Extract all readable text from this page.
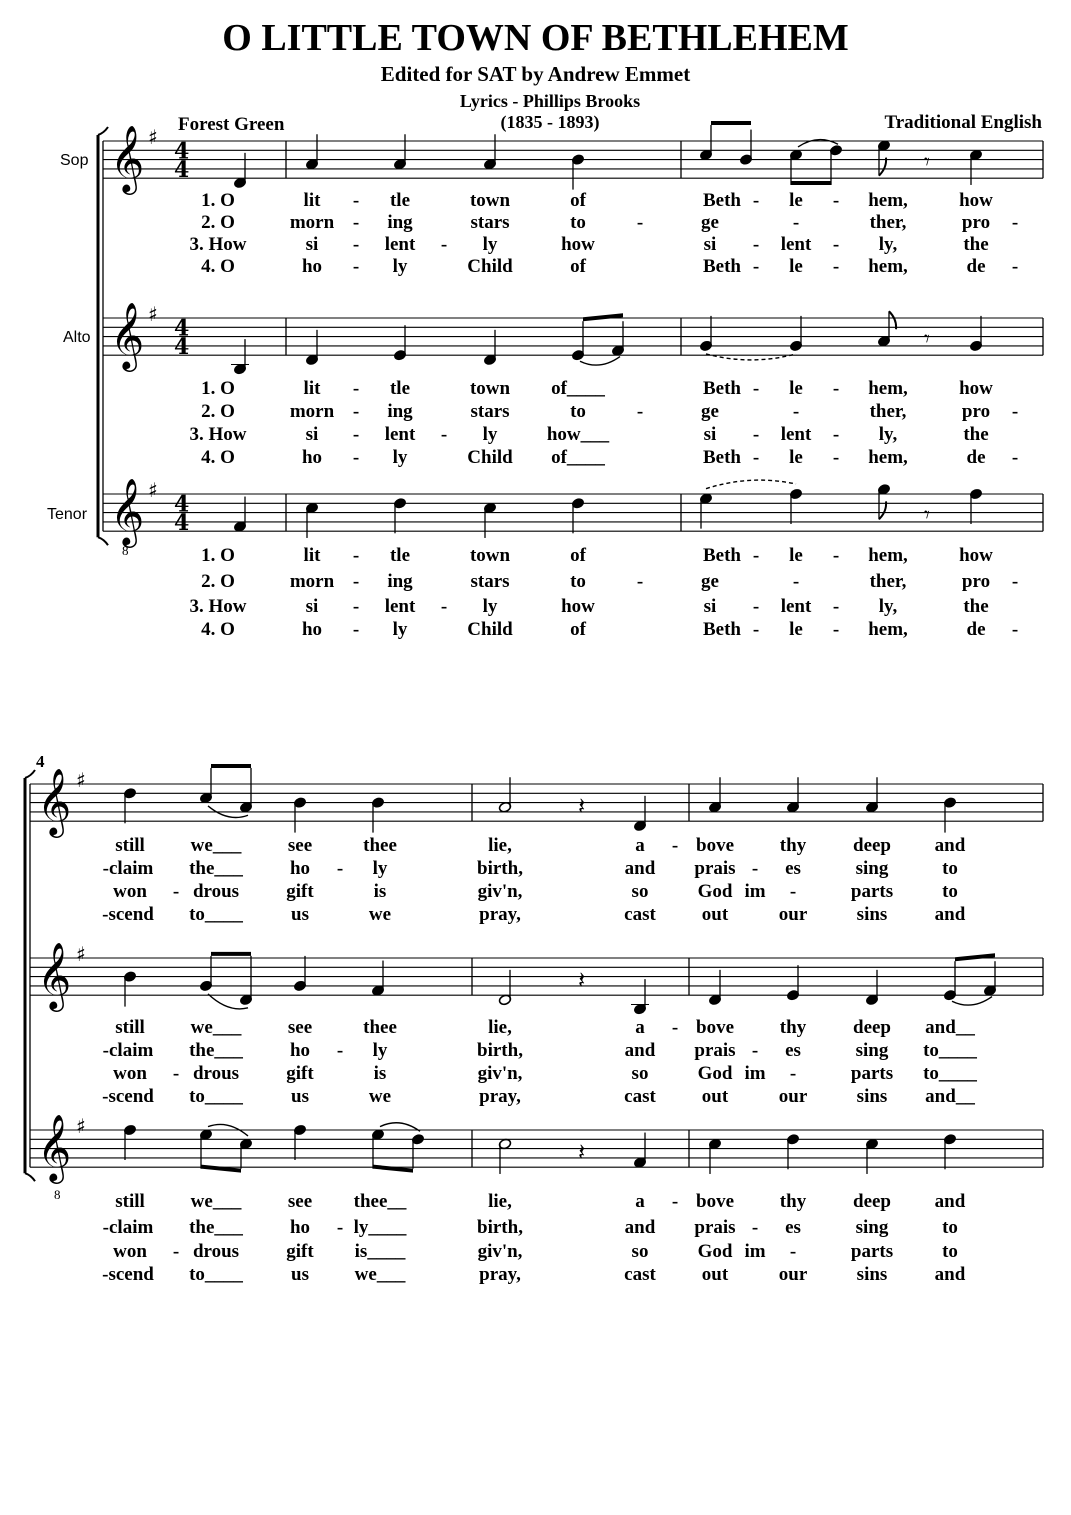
O LITTLE TOWN OF BETHLEHEM
Edited for SAT by Andrew Emmet
Lyrics - Phillips Brooks
(1835 - 1893)
Forest Green	Traditional English
Sop
Alto
Tenor
4
8
8
𝄞 ♯
4
4
𝄞 ♯
4
4
𝄞 ♯
4
4
𝄾
𝄾
𝄾
𝄞 ♯
𝄞 ♯
𝄞 ♯
𝄽
𝄽
𝄽
1. O	lit - tle	town	of	Beth - le - hem,	how
2. O	morn - ing	stars	to	-	ge	-	ther,	pro -
3. How	si - lent - ly	how	si - lent - ly,	the
4. O	ho - ly	Child	of	Beth - le - hem,	de -
still we___ see	thee	lie,	a - bove thy deep and
-claim the___ ho - ly	birth,	and prais - es	sing	to
won - drous gift	is	giv'n,	so	God im -	parts	to
-scend to____	us	we	pray,	cast out	our	sins and
1. O	lit - tle	town of____	Beth - le - hem,	how
2. O	morn - ing	stars	to	-	ge	-	ther,	pro -
3. How	si - lent - ly	how___	si - lent - ly,	the
4. O	ho - ly	Child of____	Beth - le - hem,	de -
still we___ see	thee	lie,	a - bove thy deep and__
-claim the___ ho - ly	birth,	and prais - es	sing to____
won - drous gift	is	giv'n,	so	God im -	parts to____
-scend to____	us	we	pray,	cast out	our	sins and__
1. O	lit - tle	town	of	Beth - le - hem,	how
2. O	morn - ing	stars	to	-	ge	-	ther,	pro -
3. How	si - lent - ly	how	si - lent - ly,	the
4. O	ho - ly	Child	of	Beth - le - hem,	de -
still we___ see thee__	lie,	a - bove thy deep and
-claim the___ ho - ly____	birth,	and prais - es	sing	to
won - drous gift is____	giv'n,	so	God im -	parts	to
-scend to____	us we___	pray,	cast out	our	sins and
